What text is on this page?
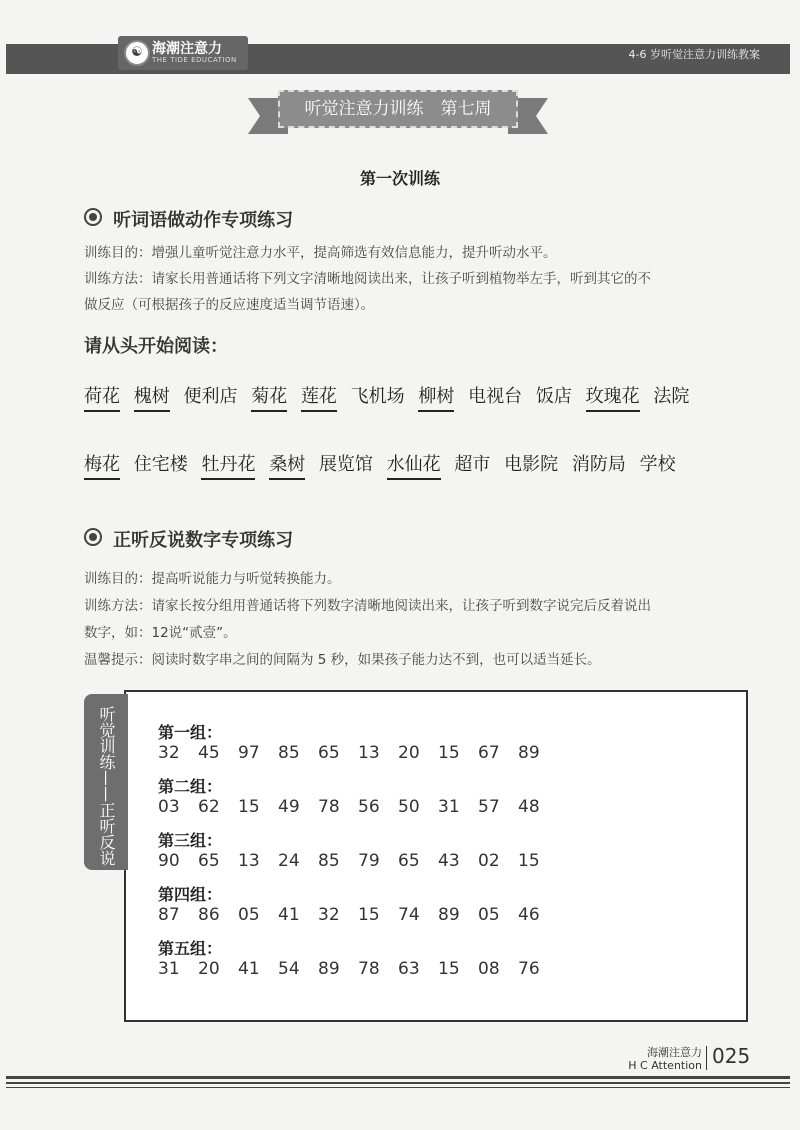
☯ 海潮注意力
THE TIDE EDUCATION	4-6 岁听觉注意力训练教案
听觉注意力训练　第七周
第一次训练
听词语做动作专项练习
训练目的：增强儿童听觉注意力水平，提高筛选有效信息能力，提升听动水平。
训练方法：请家长用普通话将下列文字清晰地阅读出来，让孩子听到植物举左手，听到其它的不
做反应（可根据孩子的反应速度适当调节语速）。
请从头开始阅读：
荷花 槐树 便利店 菊花 莲花 飞机场 柳树 电视台 饭店 玫瑰花 法院
梅花 住宅楼 牡丹花 桑树 展览馆 水仙花 超市 电影院 消防局 学校
正听反说数字专项练习
训练目的：提高听说能力与听觉转换能力。
训练方法：请家长按分组用普通话将下列数字清晰地阅读出来，让孩子听到数字说完后反着说出
数字，如：12说“贰壹”。
温馨提示：阅读时数字串之间的间隔为 5 秒，如果孩子能力达不到，也可以适当延长。
第一组：
32 45 97 85 65 13 20 15 67 89
第二组：
03 62 15 49 78 56 50 31 57 48
第三组：
90 65 13 24 85 79 65 43 02 15
第四组：
87 86 05 41 32 15 74 89 05 46
第五组：
31 20 41 54 89 78 63 15 08 76
听觉训练——正听反说
海潮注意力
H C Attention 025
